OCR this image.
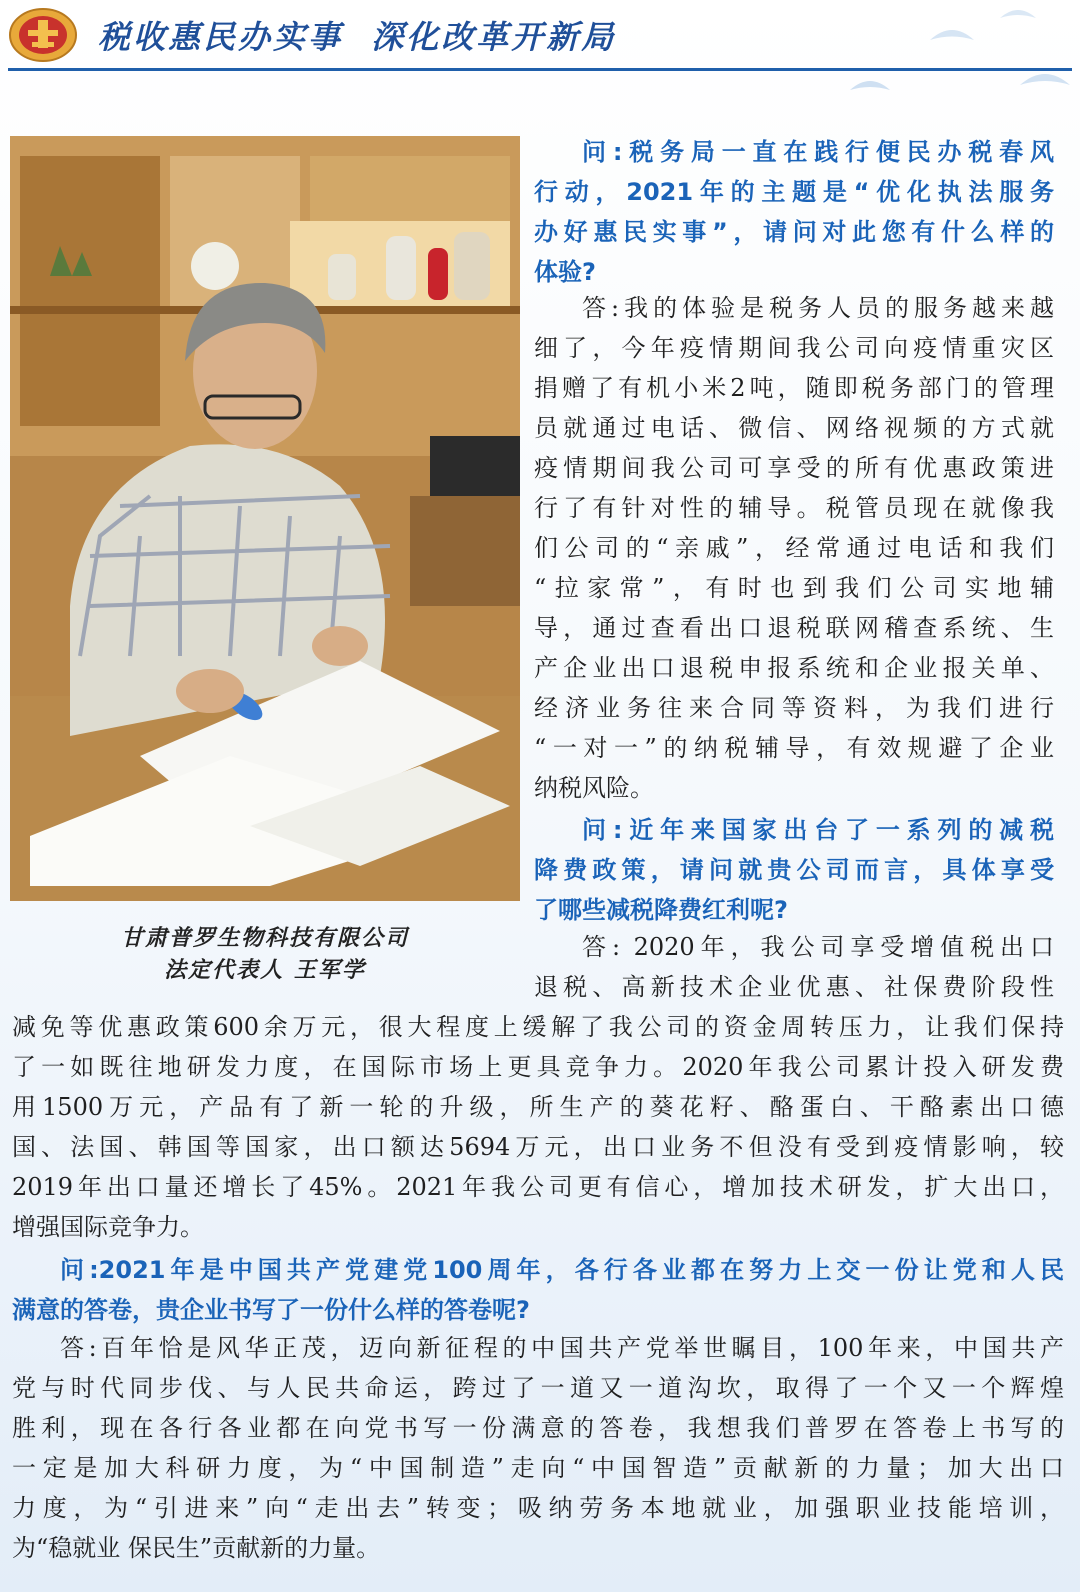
税收惠民办实事  深化改革开新局
甘肃普罗生物科技有限公司
法定代表人 王军学
问:税务局一直在践行便民办税春风
行动，2021年的主题是“优化执法服务
办好惠民实事”，请问对此您有什么样的
体验?
答:我的体验是税务人员的服务越来越
细了，今年疫情期间我公司向疫情重灾区
捐赠了有机小米2吨，随即税务部门的管理
员就通过电话、微信、网络视频的方式就
疫情期间我公司可享受的所有优惠政策进
行了有针对性的辅导。税管员现在就像我
们公司的“亲戚”，经常通过电话和我们
“拉家常”，有时也到我们公司实地辅
导，通过查看出口退税联网稽查系统、生
产企业出口退税申报系统和企业报关单、
经济业务往来合同等资料，为我们进行
“一对一”的纳税辅导，有效规避了企业
纳税风险。
问:近年来国家出台了一系列的减税
降费政策，请问就贵公司而言，具体享受
了哪些减税降费红利呢?
答: 2020年，我公司享受增值税出口
退税、高新技术企业优惠、社保费阶段性
减免等优惠政策600余万元，很大程度上缓解了我公司的资金周转压力，让我们保持
了一如既往地研发力度，在国际市场上更具竞争力。2020年我公司累计投入研发费
用1500万元，产品有了新一轮的升级，所生产的葵花籽、酪蛋白、干酪素出口德
国、法国、韩国等国家，出口额达5694万元，出口业务不但没有受到疫情影响，较
2019年出口量还增长了45%。2021年我公司更有信心，增加技术研发，扩大出口，
增强国际竞争力。
问:2021年是中国共产党建党100周年，各行各业都在努力上交一份让党和人民
满意的答卷，贵企业书写了一份什么样的答卷呢?
答:百年恰是风华正茂，迈向新征程的中国共产党举世瞩目，100年来，中国共产
党与时代同步伐、与人民共命运，跨过了一道又一道沟坎，取得了一个又一个辉煌
胜利，现在各行各业都在向党书写一份满意的答卷，我想我们普罗在答卷上书写的
一定是加大科研力度，为“中国制造”走向“中国智造”贡献新的力量；加大出口
力度，为“引进来”向“走出去”转变；吸纳劳务本地就业，加强职业技能培训，
为“稳就业 保民生”贡献新的力量。
